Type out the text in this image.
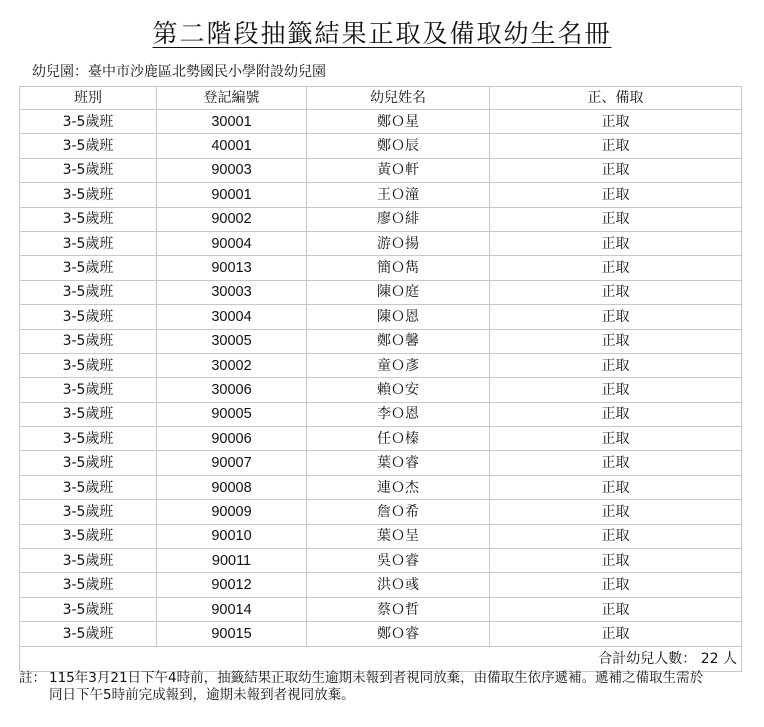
第二階段抽籤結果正取及備取幼生名冊
幼兒園：臺中市沙鹿區北勢國民小學附設幼兒園
班別	登記編號	幼兒姓名	正、備取
3-5歲班	30001	鄭Ｏ星	正取
3-5歲班	40001	鄭Ｏ辰	正取
3-5歲班	90003	黃Ｏ軒	正取
3-5歲班	90001	王Ｏ潼	正取
3-5歲班	90002	廖Ｏ緋	正取
3-5歲班	90004	游Ｏ揚	正取
3-5歲班	90013	簡Ｏ雋	正取
3-5歲班	30003	陳Ｏ庭	正取
3-5歲班	30004	陳Ｏ恩	正取
3-5歲班	30005	鄭Ｏ馨	正取
3-5歲班	30002	童Ｏ彥	正取
3-5歲班	30006	賴Ｏ安	正取
3-5歲班	90005	李Ｏ恩	正取
3-5歲班	90006	任Ｏ榛	正取
3-5歲班	90007	葉Ｏ睿	正取
3-5歲班	90008	連Ｏ杰	正取
3-5歲班	90009	詹Ｏ希	正取
3-5歲班	90010	葉Ｏ呈	正取
3-5歲班	90011	吳Ｏ睿	正取
3-5歲班	90012	洪Ｏ彧	正取
3-5歲班	90014	蔡Ｏ哲	正取
3-5歲班	90015	鄭Ｏ睿	正取
合計幼兒人數： 22 人			
註： 115年3月21日下午4時前，抽籤結果正取幼生逾期未報到者視同放棄，由備取生依序遞補。遞補之備取生需於
同日下午5時前完成報到，逾期未報到者視同放棄。
